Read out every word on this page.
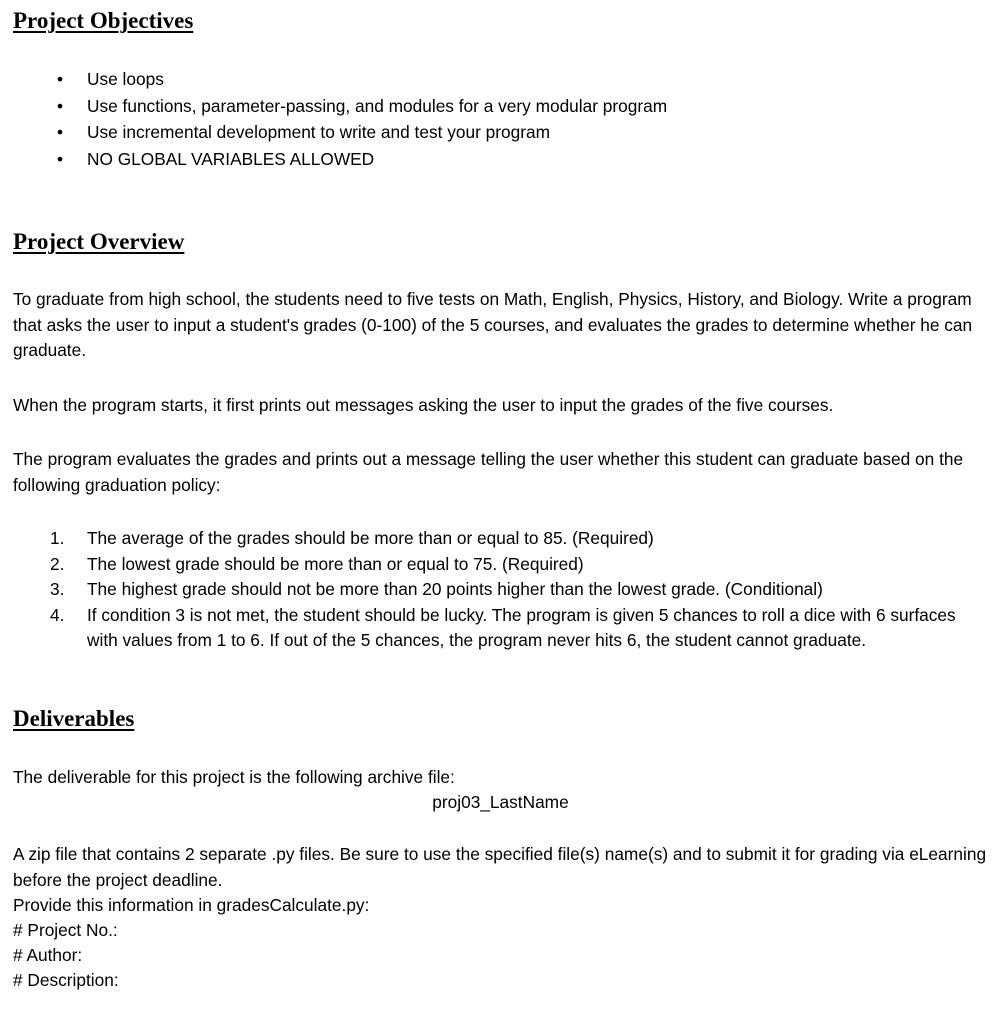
Project Objectives
• Use loops
• Use functions, parameter-passing, and modules for a very modular program
• Use incremental development to write and test your program
• NO GLOBAL VARIABLES ALLOWED
Project Overview

To graduate from high school, the students need to five tests on Math, English, Physics, History, and Biology. Write a program that asks the user to input a student's grades (0-100) of the 5 courses, and evaluates the grades to determine whether he can graduate.

When the program starts, it first prints out messages asking the user to input the grades of the five courses.

The program evaluates the grades and prints out a message telling the user whether this student can graduate based on the following graduation policy:

1. The average of the grades should be more than or equal to 85. (Required)
2. The lowest grade should be more than or equal to 75. (Required)
3. The highest grade should not be more than 20 points higher than the lowest grade. (Conditional)
4. If condition 3 is not met, the student should be lucky. The program is given 5 chances to roll a dice with 6 surfaces with values from 1 to 6. If out of the 5 chances, the program never hits 6, the student cannot graduate.
Deliverables
The deliverable for this project is the following archive file:
proj03_LastName

A zip file that contains 2 separate .py files. Be sure to use the specified file(s) name(s) and to submit it for grading via eLearning before the project deadline.

Provide this information in gradesCalculate.py:
# Project No.:
# Author:
# Description:
